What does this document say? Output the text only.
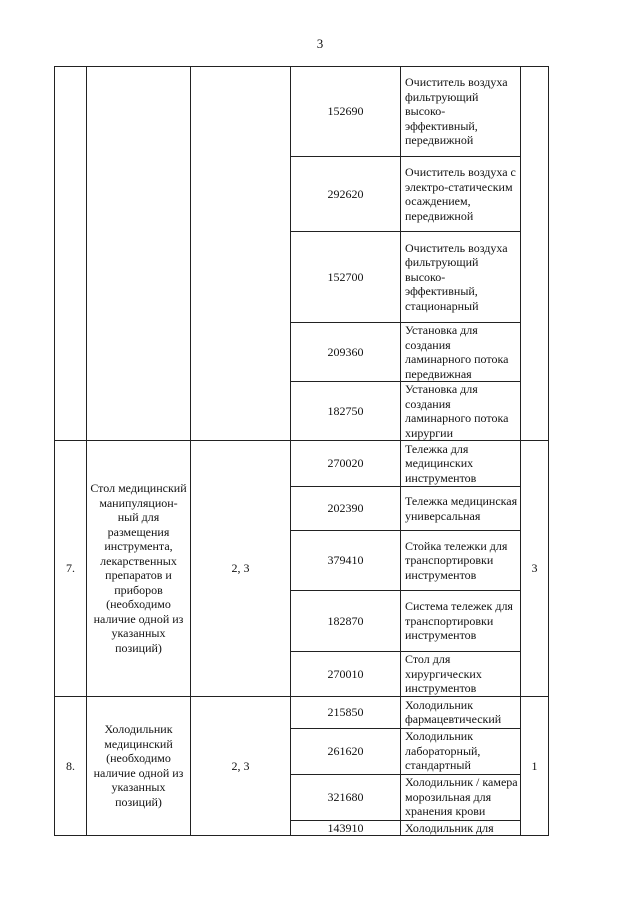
3
			152690	Очиститель воздуха фильтрующий высоко-эффективный, передвижной	
			292620	Очиститель воздуха с электро-статическим осаждением, передвижной	
			152700	Очиститель воздуха фильтрующий высоко-эффективный, стационарный	
			209360	Установка для создания ламинарного потока передвижная	
			182750	Установка для создания ламинарного потока хирургии	
7.	Стол медицинский манипуляцион-ный для размещения инструмента, лекарственных препаратов и приборов (необходимо наличие одной из указанных позиций)	2, 3	270020	Тележка для медицинских инструментов	3
			202390	Тележка медицинская универсальная	
			379410	Стойка тележки для транспортировки инструментов	
			182870	Система тележек для транспортировки инструментов	
			270010	Стол для хирургических инструментов	
8.	Холодильник медицинский (необходимо наличие одной из указанных позиций)	2, 3	215850	Холодильник фармацевтический	1
			261620	Холодильник лабораторный, стандартный	
			321680	Холодильник / камера морозильная для хранения крови	
			143910	Холодильник для	
